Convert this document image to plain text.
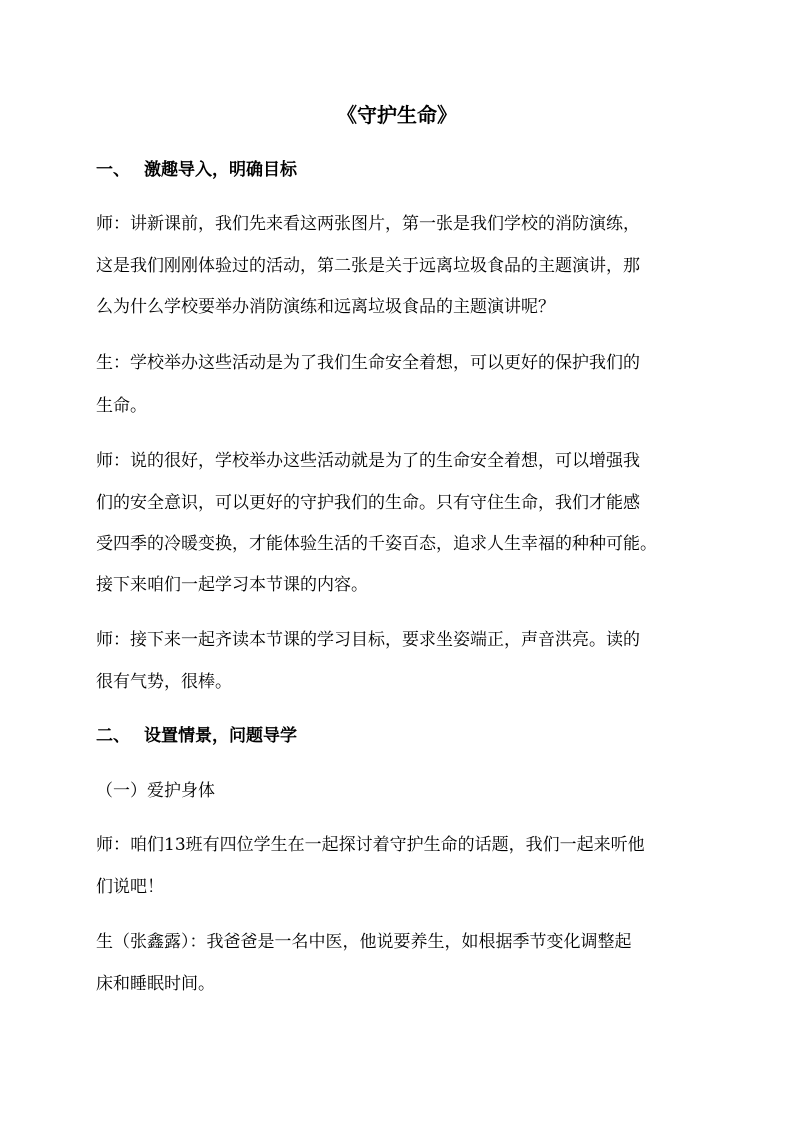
《守护生命》
一、 激趣导入，明确目标
师：讲新课前，我们先来看这两张图片，第一张是我们学校的消防演练，
这是我们刚刚体验过的活动，第二张是关于远离垃圾食品的主题演讲，那
么为什么学校要举办消防演练和远离垃圾食品的主题演讲呢？
生：学校举办这些活动是为了我们生命安全着想，可以更好的保护我们的
生命。
师：说的很好，学校举办这些活动就是为了的生命安全着想，可以增强我
们的安全意识，可以更好的守护我们的生命。只有守住生命，我们才能感
受四季的冷暖变换，才能体验生活的千姿百态，追求人生幸福的种种可能。
接下来咱们一起学习本节课的内容。
师：接下来一起齐读本节课的学习目标，要求坐姿端正，声音洪亮。读的
很有气势，很棒。
二、 设置情景，问题导学
（一）爱护身体
师：咱们13班有四位学生在一起探讨着守护生命的话题，我们一起来听他
们说吧！
生（张鑫露）：我爸爸是一名中医，他说要养生，如根据季节变化调整起
床和睡眠时间。
